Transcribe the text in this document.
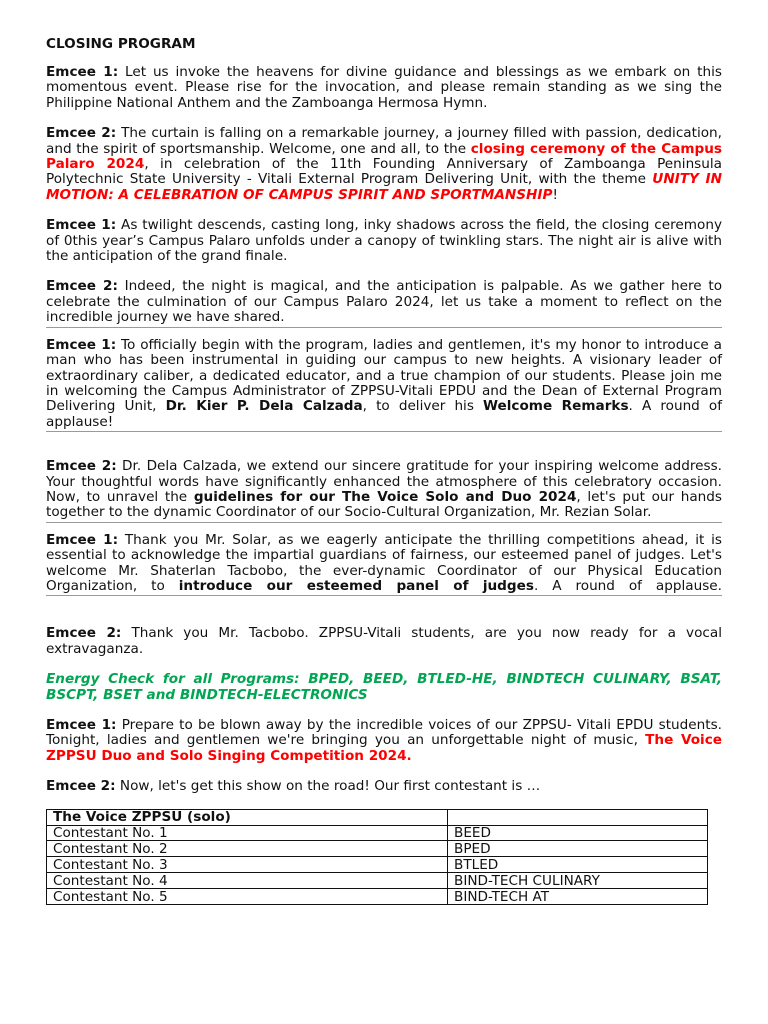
CLOSING PROGRAM

Emcee 1: Let us invoke the heavens for divine guidance and blessings as we embark on this momentous event. Please rise for the invocation, and please remain standing as we sing the Philippine National Anthem and the Zamboanga Hermosa Hymn.

Emcee 2: The curtain is falling on a remarkable journey, a journey filled with passion, dedication, and the spirit of sportsmanship. Welcome, one and all, to the closing ceremony of the Campus Palaro 2024, in celebration of the 11th Founding Anniversary of Zamboanga Peninsula Polytechnic State University - Vitali External Program Delivering Unit, with the theme UNITY IN MOTION: A CELEBRATION OF CAMPUS SPIRIT AND SPORTMANSHIP!

Emcee 1: As twilight descends, casting long, inky shadows across the field, the closing ceremony of 0this year’s Campus Palaro unfolds under a canopy of twinkling stars. The night air is alive with the anticipation of the grand finale.

Emcee 2: Indeed, the night is magical, and the anticipation is palpable. As we gather here to celebrate the culmination of our Campus Palaro 2024, let us take a moment to reflect on the incredible journey we have shared.

Emcee 1: To officially begin with the program, ladies and gentlemen, it's my honor to introduce a man who has been instrumental in guiding our campus to new heights. A visionary leader of extraordinary caliber, a dedicated educator, and a true champion of our students. Please join me in welcoming the Campus Administrator of ZPPSU-Vitali EPDU and the Dean of External Program Delivering Unit, Dr. Kier P. Dela Calzada, to deliver his Welcome Remarks. A round of applause!

Emcee 2: Dr. Dela Calzada, we extend our sincere gratitude for your inspiring welcome address. Your thoughtful words have significantly enhanced the atmosphere of this celebratory occasion. Now, to unravel the guidelines for our The Voice Solo and Duo 2024, let's put our hands together to the dynamic Coordinator of our Socio-Cultural Organization, Mr. Rezian Solar.

Emcee 1: Thank you Mr. Solar, as we eagerly anticipate the thrilling competitions ahead, it is essential to acknowledge the impartial guardians of fairness, our esteemed panel of judges. Let's welcome Mr. Shaterlan Tacbobo, the ever-dynamic Coordinator of our Physical Education Organization, to introduce our esteemed panel of judges. A round of applause.

Emcee 2: Thank you Mr. Tacbobo. ZPPSU-Vitali students, are you now ready for a vocal extravaganza.

Energy Check for all Programs: BPED, BEED, BTLED-HE, BINDTECH CULINARY, BSAT, BSCPT, BSET and BINDTECH-ELECTRONICS

Emcee 1: Prepare to be blown away by the incredible voices of our ZPPSU- Vitali EPDU students. Tonight, ladies and gentlemen we're bringing you an unforgettable night of music, The Voice ZPPSU Duo and Solo Singing Competition 2024.

Emcee 2: Now, let's get this show on the road! Our first contestant is …

The Voice ZPPSU (solo)	
Contestant No. 1	BEED
Contestant No. 2	BPED
Contestant No. 3	BTLED
Contestant No. 4	BIND-TECH CULINARY
Contestant No. 5	BIND-TECH AT
